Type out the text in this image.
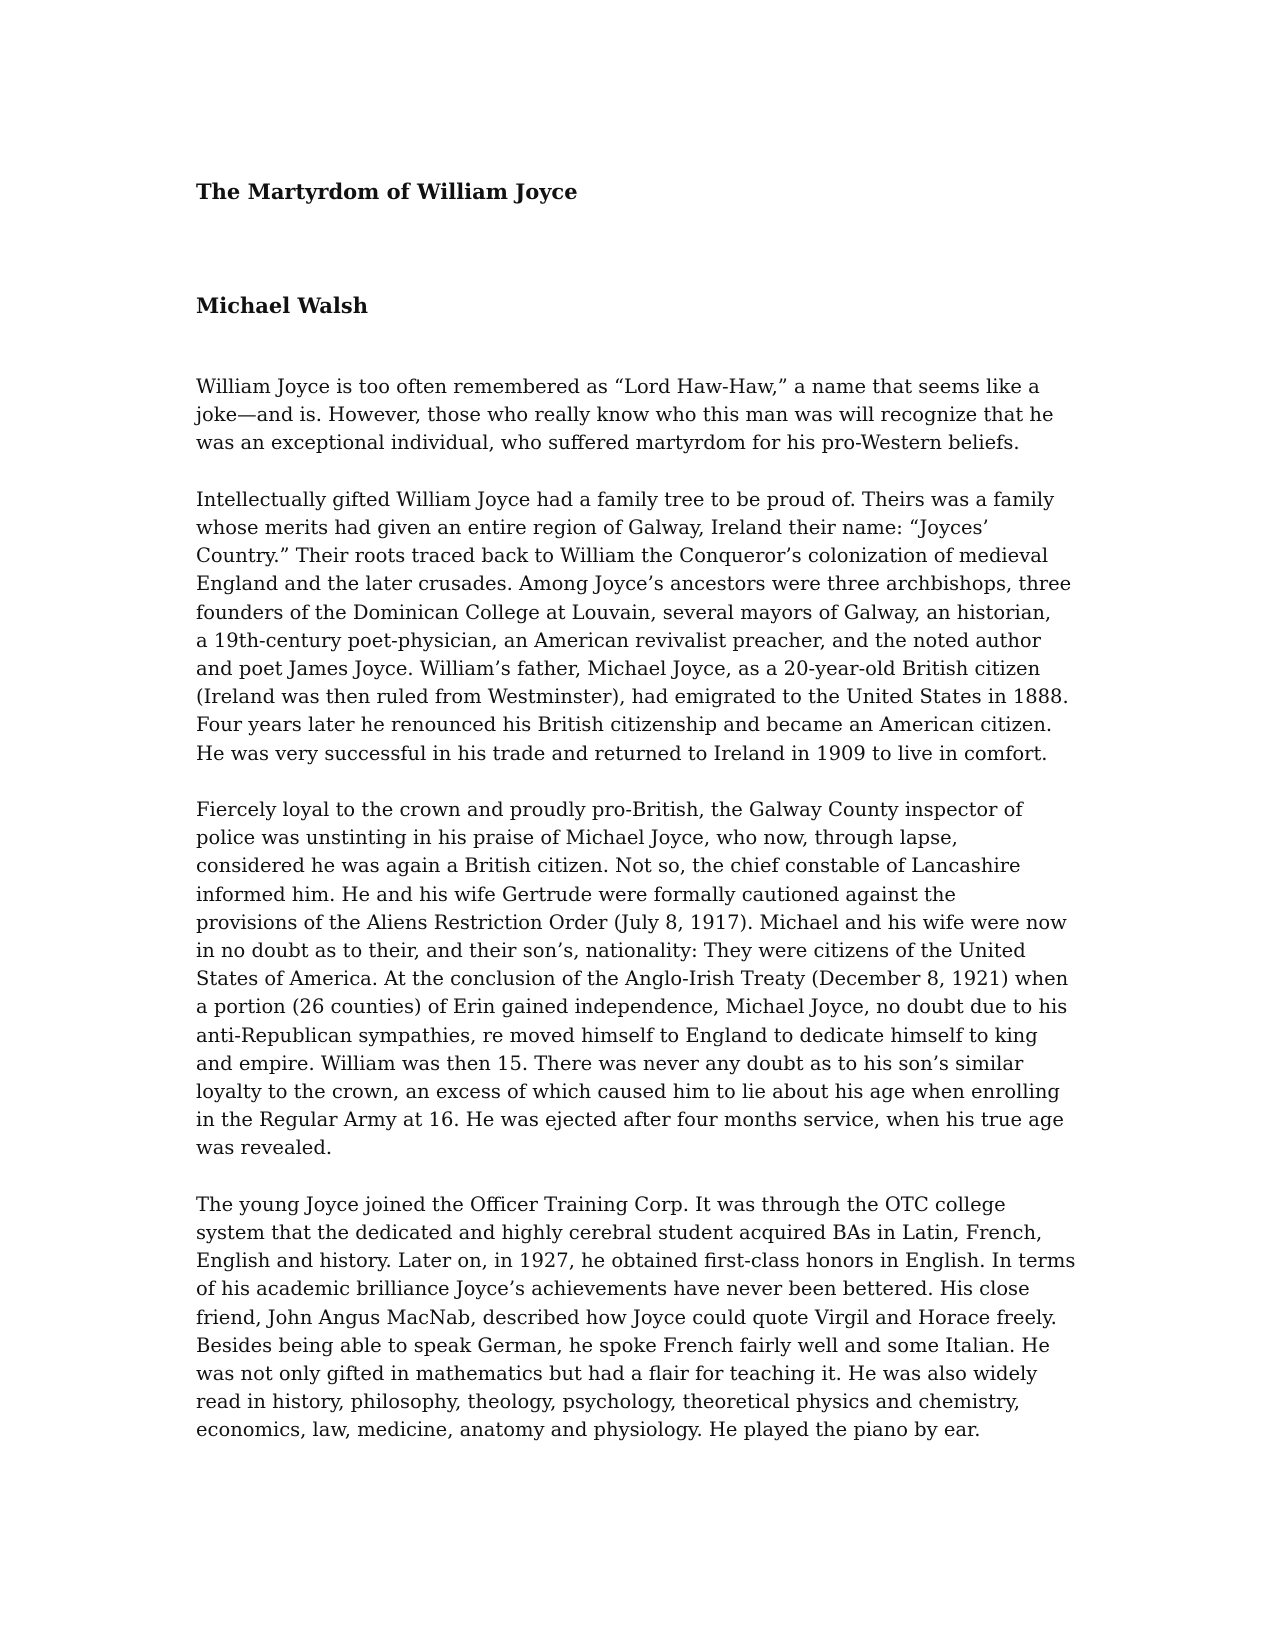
The Martyrdom of William Joyce
Michael Walsh

William Joyce is too often remembered as “Lord Haw-Haw,” a name that seems like a
joke—and is. However, those who really know who this man was will recognize that he
was an exceptional individual, who suffered martyrdom for his pro-Western beliefs.

Intellectually gifted William Joyce had a family tree to be proud of. Theirs was a family
whose merits had given an entire region of Galway, Ireland their name: “Joyces’
Country.” Their roots traced back to William the Conqueror’s colonization of medieval
England and the later crusades. Among Joyce’s ancestors were three archbishops, three
founders of the Dominican College at Louvain, several mayors of Galway, an historian,
a 19th-century poet-physician, an American revivalist preacher, and the noted author
and poet James Joyce. William’s father, Michael Joyce, as a 20-year-old British citizen
(Ireland was then ruled from Westminster), had emigrated to the United States in 1888.
Four years later he renounced his British citizenship and became an American citizen.
He was very successful in his trade and returned to Ireland in 1909 to live in comfort.

Fiercely loyal to the crown and proudly pro-British, the Galway County inspector of
police was unstinting in his praise of Michael Joyce, who now, through lapse,
considered he was again a British citizen. Not so, the chief constable of Lancashire
informed him. He and his wife Gertrude were formally cautioned against the
provisions of the Aliens Restriction Order (July 8, 1917). Michael and his wife were now
in no doubt as to their, and their son’s, nationality: They were citizens of the United
States of America. At the conclusion of the Anglo-Irish Treaty (December 8, 1921) when
a portion (26 counties) of Erin gained independence, Michael Joyce, no doubt due to his
anti-Republican sympathies, re moved himself to England to dedicate himself to king
and empire. William was then 15. There was never any doubt as to his son’s similar
loyalty to the crown, an excess of which caused him to lie about his age when enrolling
in the Regular Army at 16. He was ejected after four months service, when his true age
was revealed.

The young Joyce joined the Officer Training Corp. It was through the OTC college
system that the dedicated and highly cerebral student acquired BAs in Latin, French,
English and history. Later on, in 1927, he obtained first-class honors in English. In terms
of his academic brilliance Joyce’s achievements have never been bettered. His close
friend, John Angus MacNab, described how Joyce could quote Virgil and Horace freely.
Besides being able to speak German, he spoke French fairly well and some Italian. He
was not only gifted in mathematics but had a flair for teaching it. He was also widely
read in history, philosophy, theology, psychology, theoretical physics and chemistry,
economics, law, medicine, anatomy and physiology. He played the piano by ear.
